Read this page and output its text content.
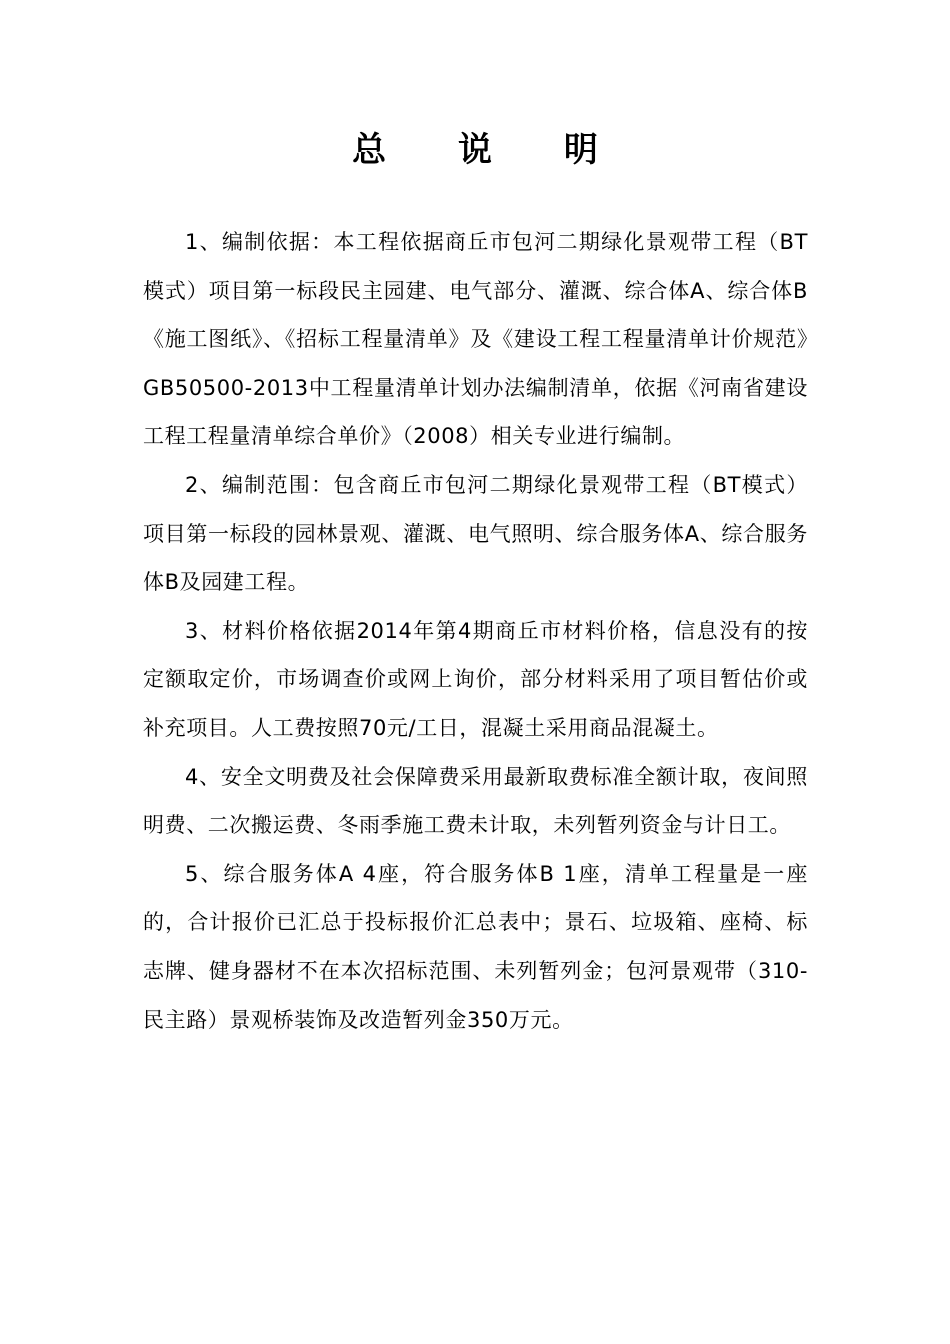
总 说 明

1、编制依据：本工程依据商丘市包河二期绿化景观带工程（BT模式）项目第一标段民主园建、电气部分、灌溉、综合体A、综合体B《施工图纸》、《招标工程量清单》及《建设工程工程量清单计价规范》GB50500-2013中工程量清单计划办法编制清单，依据《河南省建设工程工程量清单综合单价》（2008）相关专业进行编制。

2、编制范围：包含商丘市包河二期绿化景观带工程（BT模式）项目第一标段的园林景观、灌溉、电气照明、综合服务体A、综合服务体B及园建工程。

3、材料价格依据2014年第4期商丘市材料价格，信息没有的按定额取定价，市场调查价或网上询价，部分材料采用了项目暂估价或补充项目。人工费按照70元/工日，混凝土采用商品混凝土。

4、安全文明费及社会保障费采用最新取费标准全额计取，夜间照明费、二次搬运费、冬雨季施工费未计取，未列暂列资金与计日工。

5、综合服务体A 4座，符合服务体B 1座，清单工程量是一座的，合计报价已汇总于投标报价汇总表中；景石、垃圾箱、座椅、标志牌、健身器材不在本次招标范围、未列暂列金；包河景观带（310-民主路）景观桥装饰及改造暂列金350万元。
